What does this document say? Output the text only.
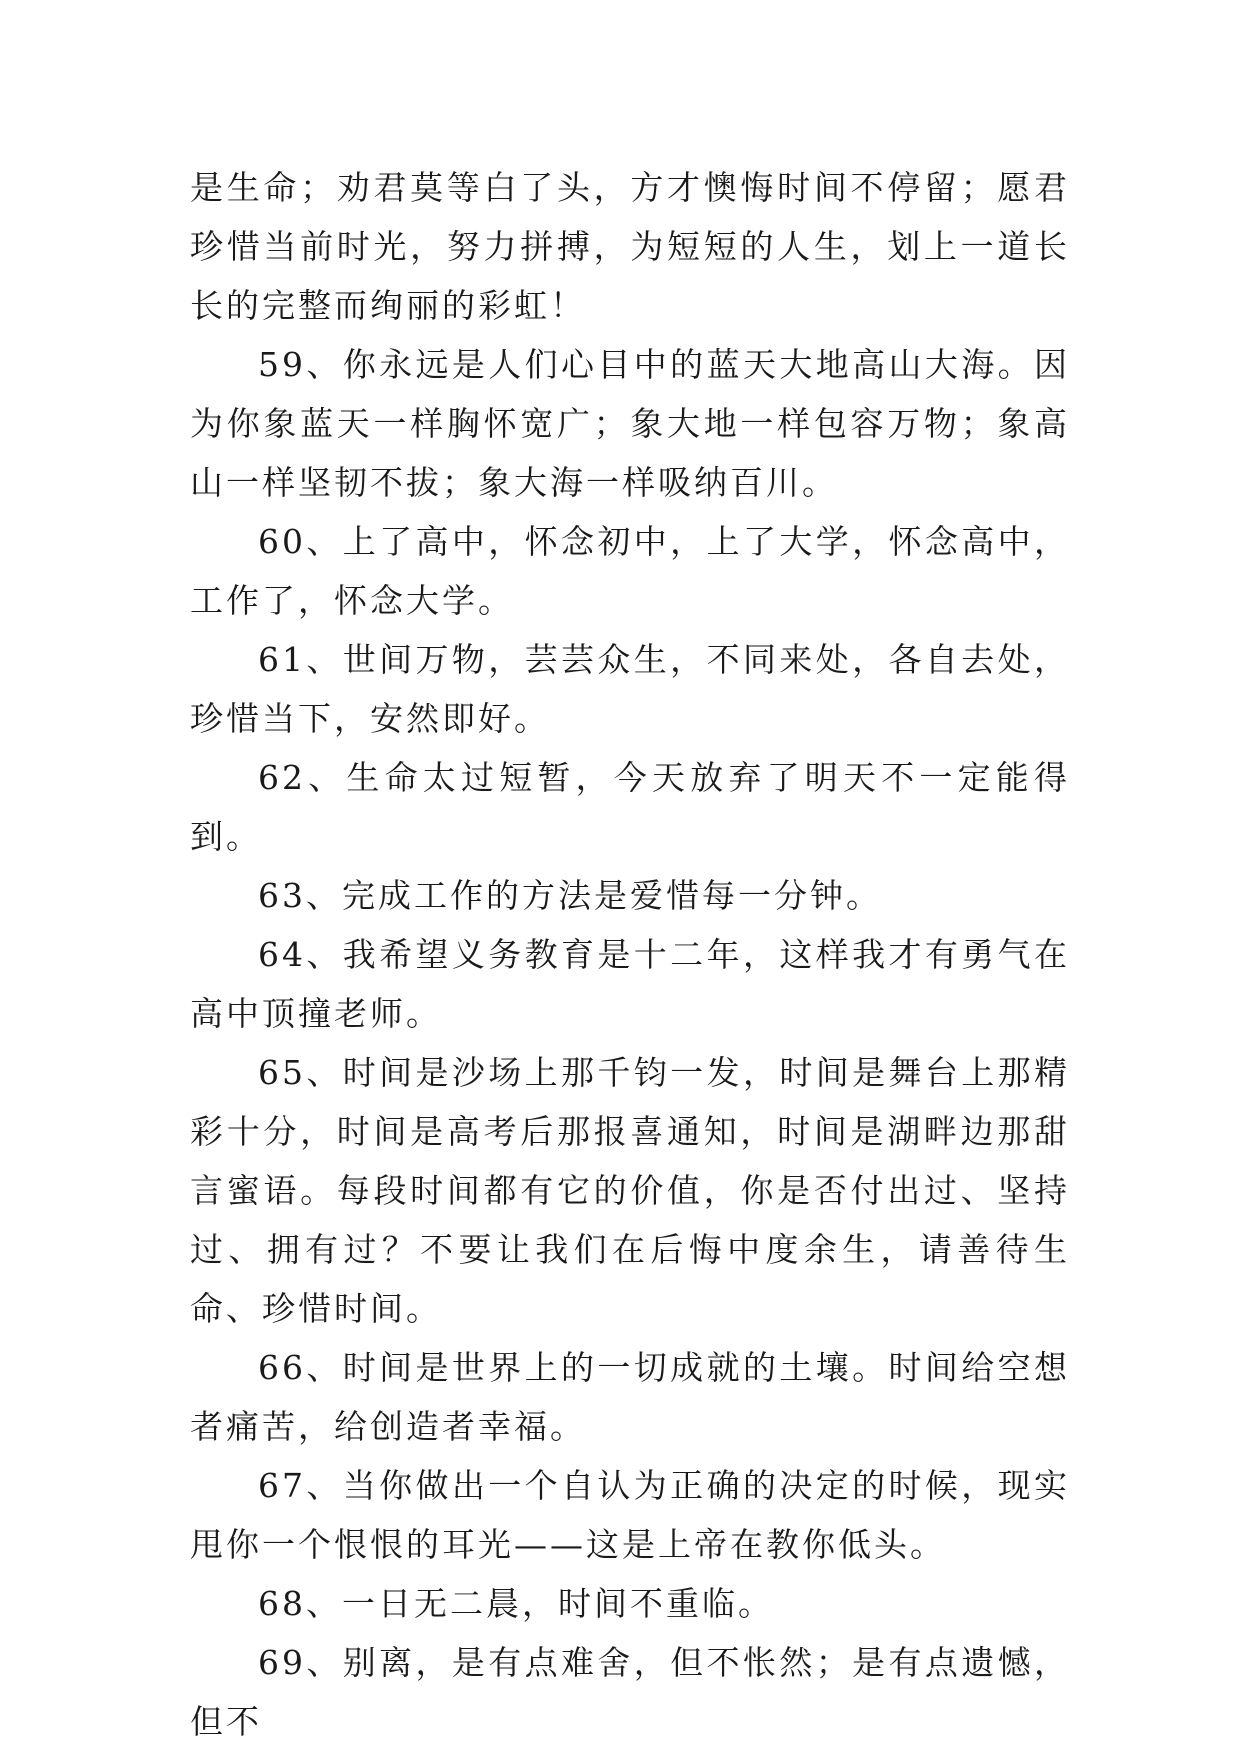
是生命；劝君莫等白了头，方才懊悔时间不停留；愿君珍惜当前时光，努力拼搏，为短短的人生，划上一道长长的完整而绚丽的彩虹！

59、你永远是人们心目中的蓝天大地高山大海。因为你象蓝天一样胸怀宽广；象大地一样包容万物；象高山一样坚韧不拔；象大海一样吸纳百川。

60、上了高中，怀念初中，上了大学，怀念高中，工作了，怀念大学。

61、世间万物，芸芸众生，不同来处，各自去处，珍惜当下，安然即好。

62、生命太过短暂，今天放弃了明天不一定能得到。

63、完成工作的方法是爱惜每一分钟。

64、我希望义务教育是十二年，这样我才有勇气在高中顶撞老师。

65、时间是沙场上那千钧一发，时间是舞台上那精彩十分，时间是高考后那报喜通知，时间是湖畔边那甜言蜜语。每段时间都有它的价值，你是否付出过、坚持过、拥有过？不要让我们在后悔中度余生，请善待生命、珍惜时间。

66、时间是世界上的一切成就的土壤。时间给空想者痛苦，给创造者幸福。

67、当你做出一个自认为正确的决定的时候，现实甩你一个恨恨的耳光——这是上帝在教你低头。

68、一日无二晨，时间不重临。

69、别离，是有点难舍，但不怅然；是有点遗憾，但不
